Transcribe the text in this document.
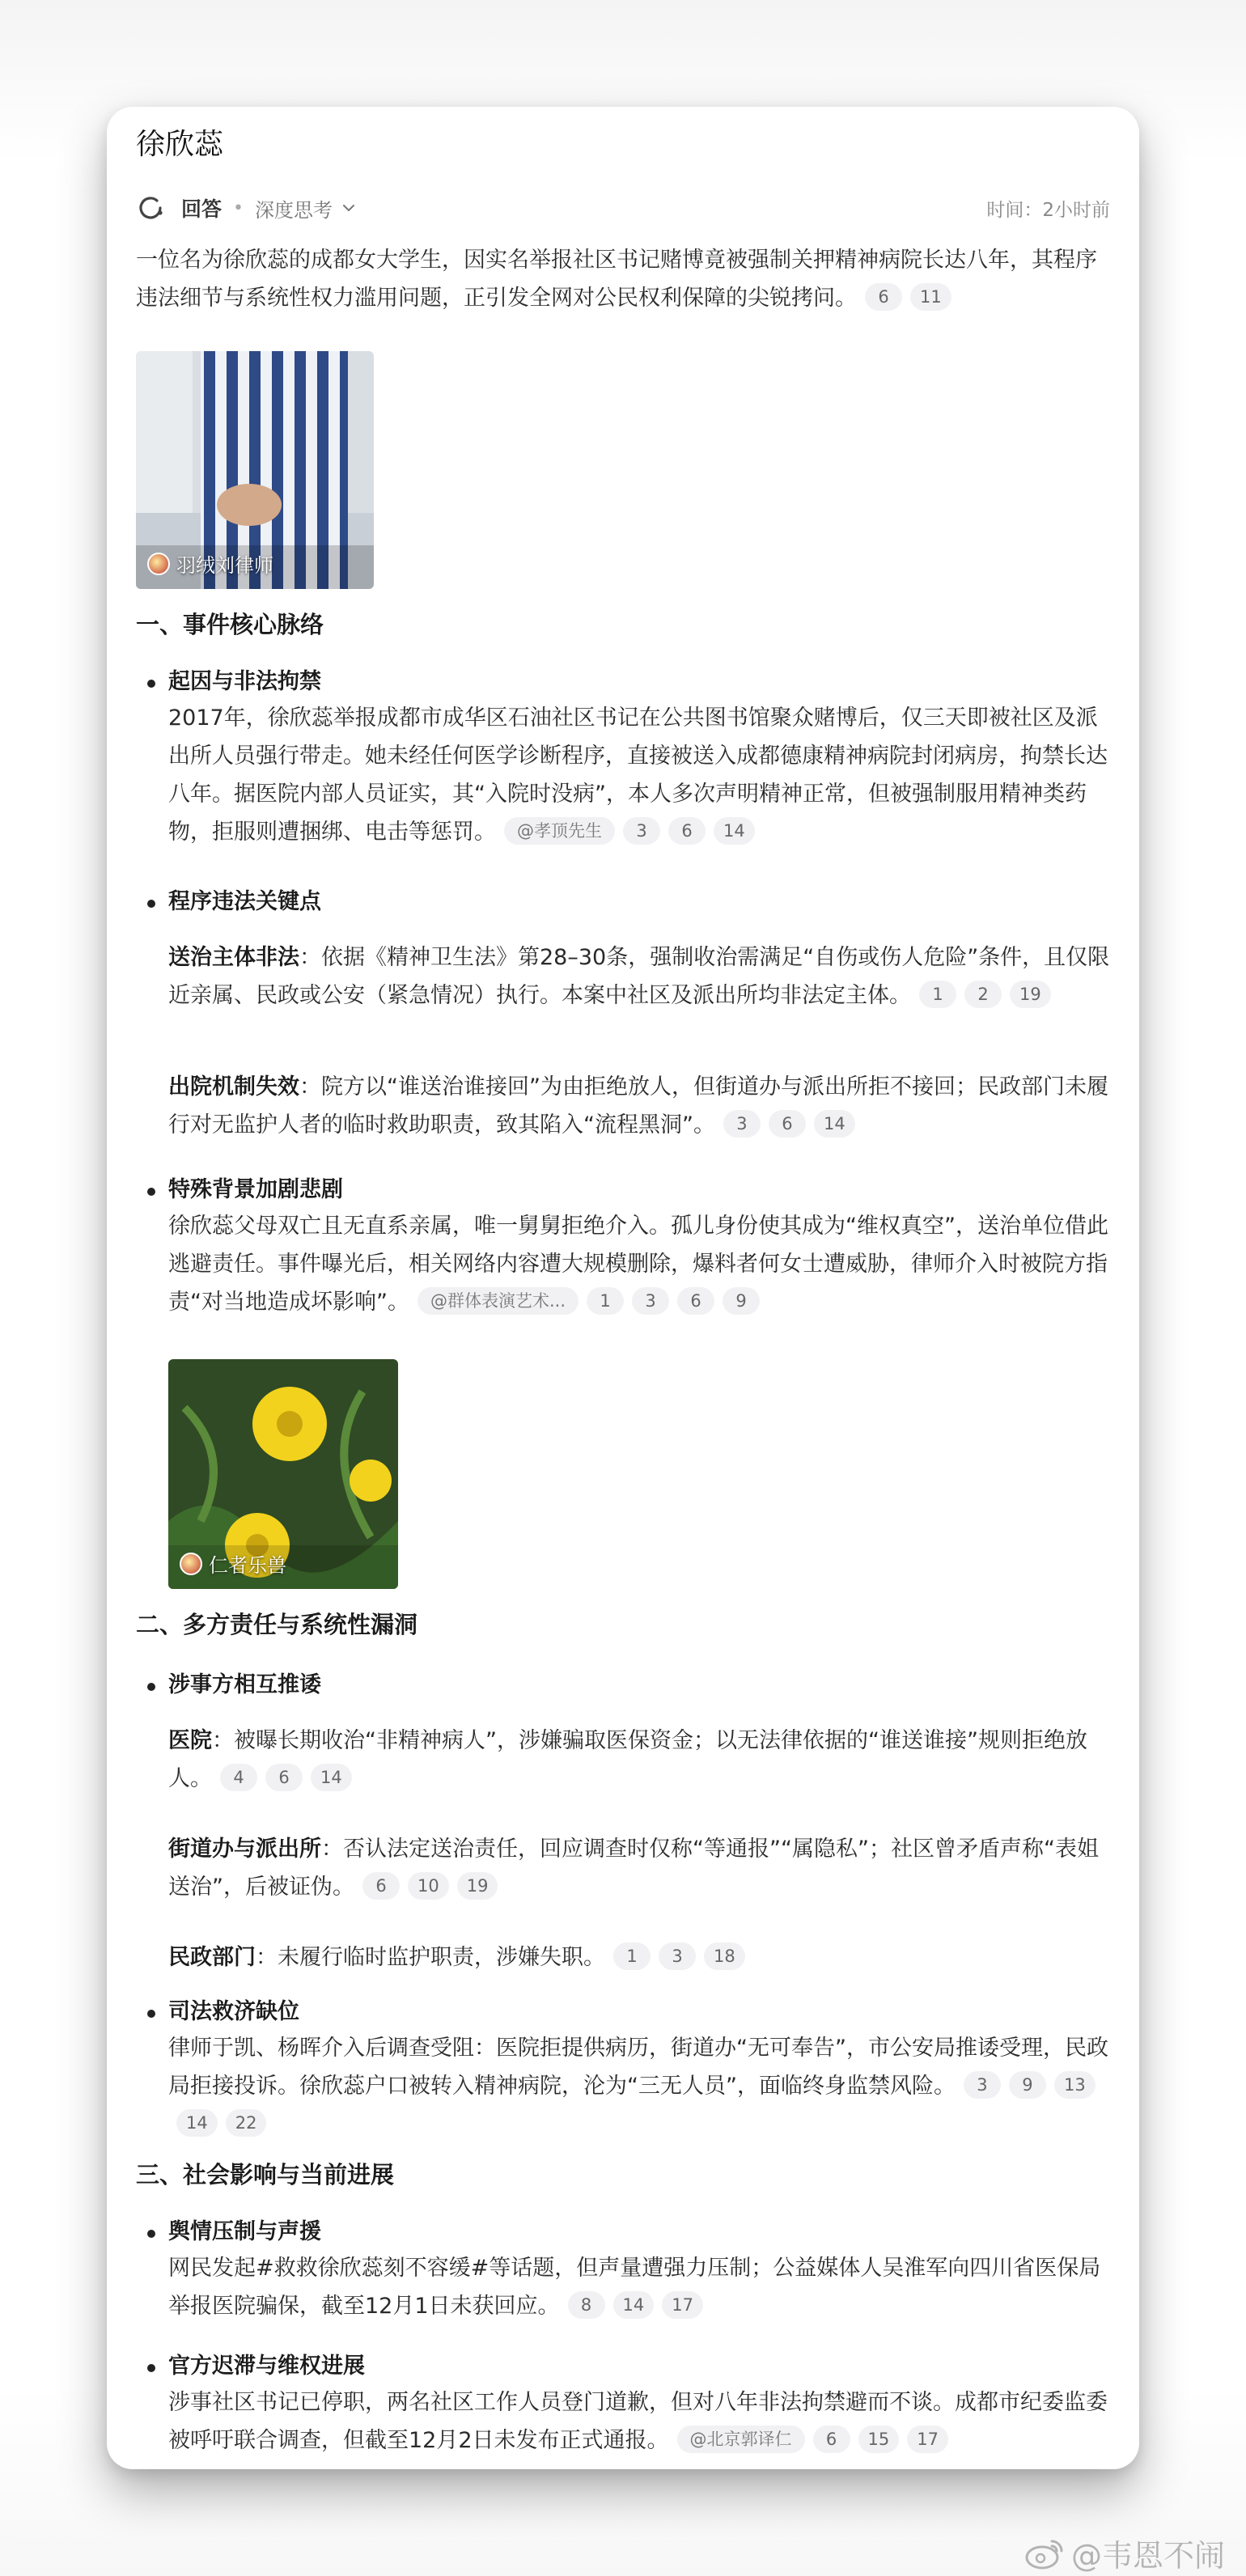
徐欣蕊
回答 • 深度思考	时间：2小时前
一位名为徐欣蕊的成都女大学生，因实名举报社区书记赌博竟被强制关押精神病院长达八年，其程序违法细节与系统性权力滥用问题，正引发全网对公民权利保障的尖锐拷问。 6 11
羽绒刘律师
一、事件核心脉络
起因与非法拘禁
2017年，徐欣蕊举报成都市成华区石油社区书记在公共图书馆聚众赌博后，仅三天即被社区及派出所人员强行带走。她未经任何医学诊断程序，直接被送入成都德康精神病院封闭病房，拘禁长达八年。据医院内部人员证实，其“入院时没病”，本人多次声明精神正常，但被强制服用精神类药物，拒服则遭捆绑、电击等惩罚。 @孝顶先生 3 6 14
程序违法关键点
送治主体非法：依据《精神卫生法》第28–30条，强制收治需满足“自伤或伤人危险”条件，且仅限近亲属、民政或公安（紧急情况）执行。本案中社区及派出所均非法定主体。 1 2 19
出院机制失效：院方以“谁送治谁接回”为由拒绝放人，但街道办与派出所拒不接回；民政部门未履行对无监护人者的临时救助职责，致其陷入“流程黑洞”。 3 6 14
特殊背景加剧悲剧
徐欣蕊父母双亡且无直系亲属，唯一舅舅拒绝介入。孤儿身份使其成为“维权真空”，送治单位借此逃避责任。事件曝光后，相关网络内容遭大规模删除，爆料者何女士遭威胁，律师介入时被院方指责“对当地造成坏影响”。 @群体表演艺术... 1 3 6 9
仁者乐兽
二、多方责任与系统性漏洞
涉事方相互推诿
医院：被曝长期收治“非精神病人”，涉嫌骗取医保资金；以无法律依据的“谁送谁接”规则拒绝放人。 4 6 14
街道办与派出所：否认法定送治责任，回应调查时仅称“等通报”“属隐私”；社区曾矛盾声称“表姐送治”，后被证伪。 6 10 19
民政部门：未履行临时监护职责，涉嫌失职。 1 3 18
司法救济缺位
律师于凯、杨晖介入后调查受阻：医院拒提供病历，街道办“无可奉告”，市公安局推诿受理，民政局拒接投诉。徐欣蕊户口被转入精神病院，沦为“三无人员”，面临终身监禁风险。 3 9 1314 22
三、社会影响与当前进展
舆情压制与声援
网民发起#救救徐欣蕊刻不容缓#等话题，但声量遭强力压制；公益媒体人吴淮军向四川省医保局举报医院骗保，截至12月1日未获回应。 8 14 17
官方迟滞与维权进展
涉事社区书记已停职，两名社区工作人员登门道歉，但对八年非法拘禁避而不谈。成都市纪委监委被呼吁联合调查，但截至12月2日未发布正式通报。 @北京郭译仁 6 15 17
@韦恩不闹
